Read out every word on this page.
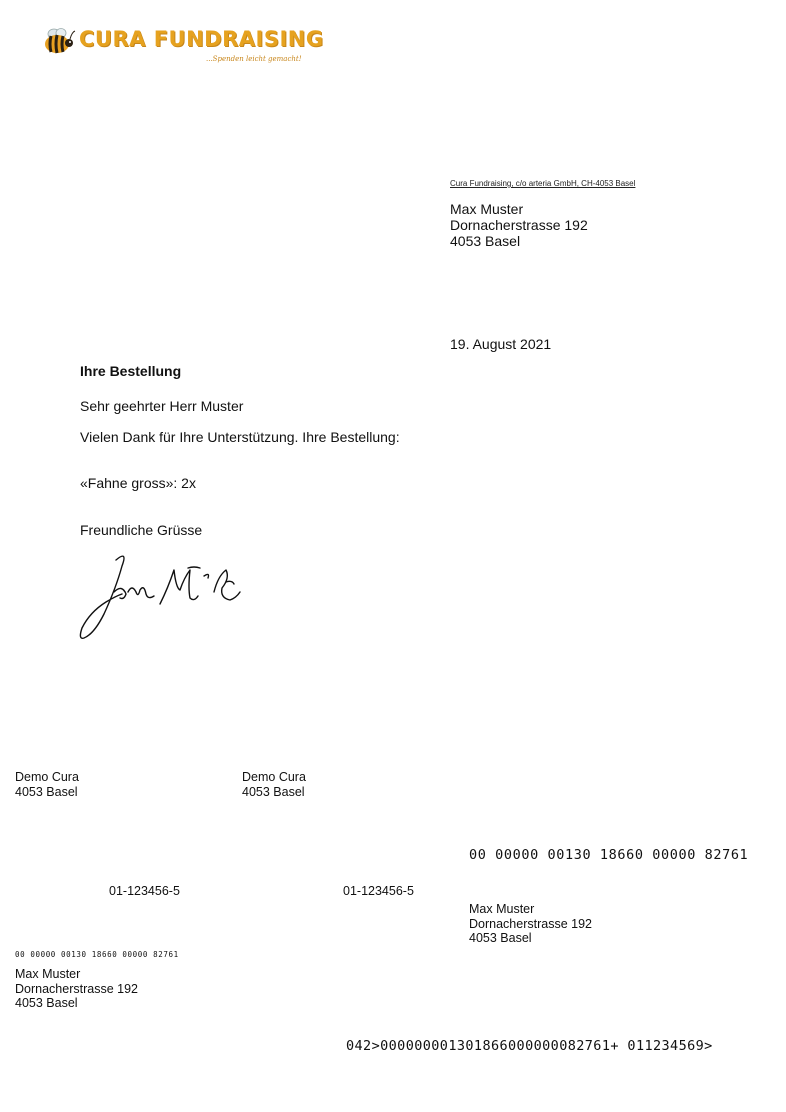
CURA FUNDRAISING
...Spenden leicht gemacht!
Cura Fundraising, c/o arteria GmbH, CH-4053 Basel
Max Muster
Dornacherstrasse 192
4053 Basel
19. August 2021
Ihre Bestellung
Sehr geehrter Herr Muster
Vielen Dank für Ihre Unterstützung. Ihre Bestellung:
«Fahne gross»: 2x
Freundliche Grüsse
Demo Cura
4053 Basel
Demo Cura
4053 Basel
00 00000 00130 18660 00000 82761
01-123456-5	01-123456-5
Max Muster
Dornacherstrasse 192
4053 Basel
00 00000 00130 18660 00000 82761
Max Muster
Dornacherstrasse 192
4053 Basel
042>000000001301866000000082761+ 011234569>
